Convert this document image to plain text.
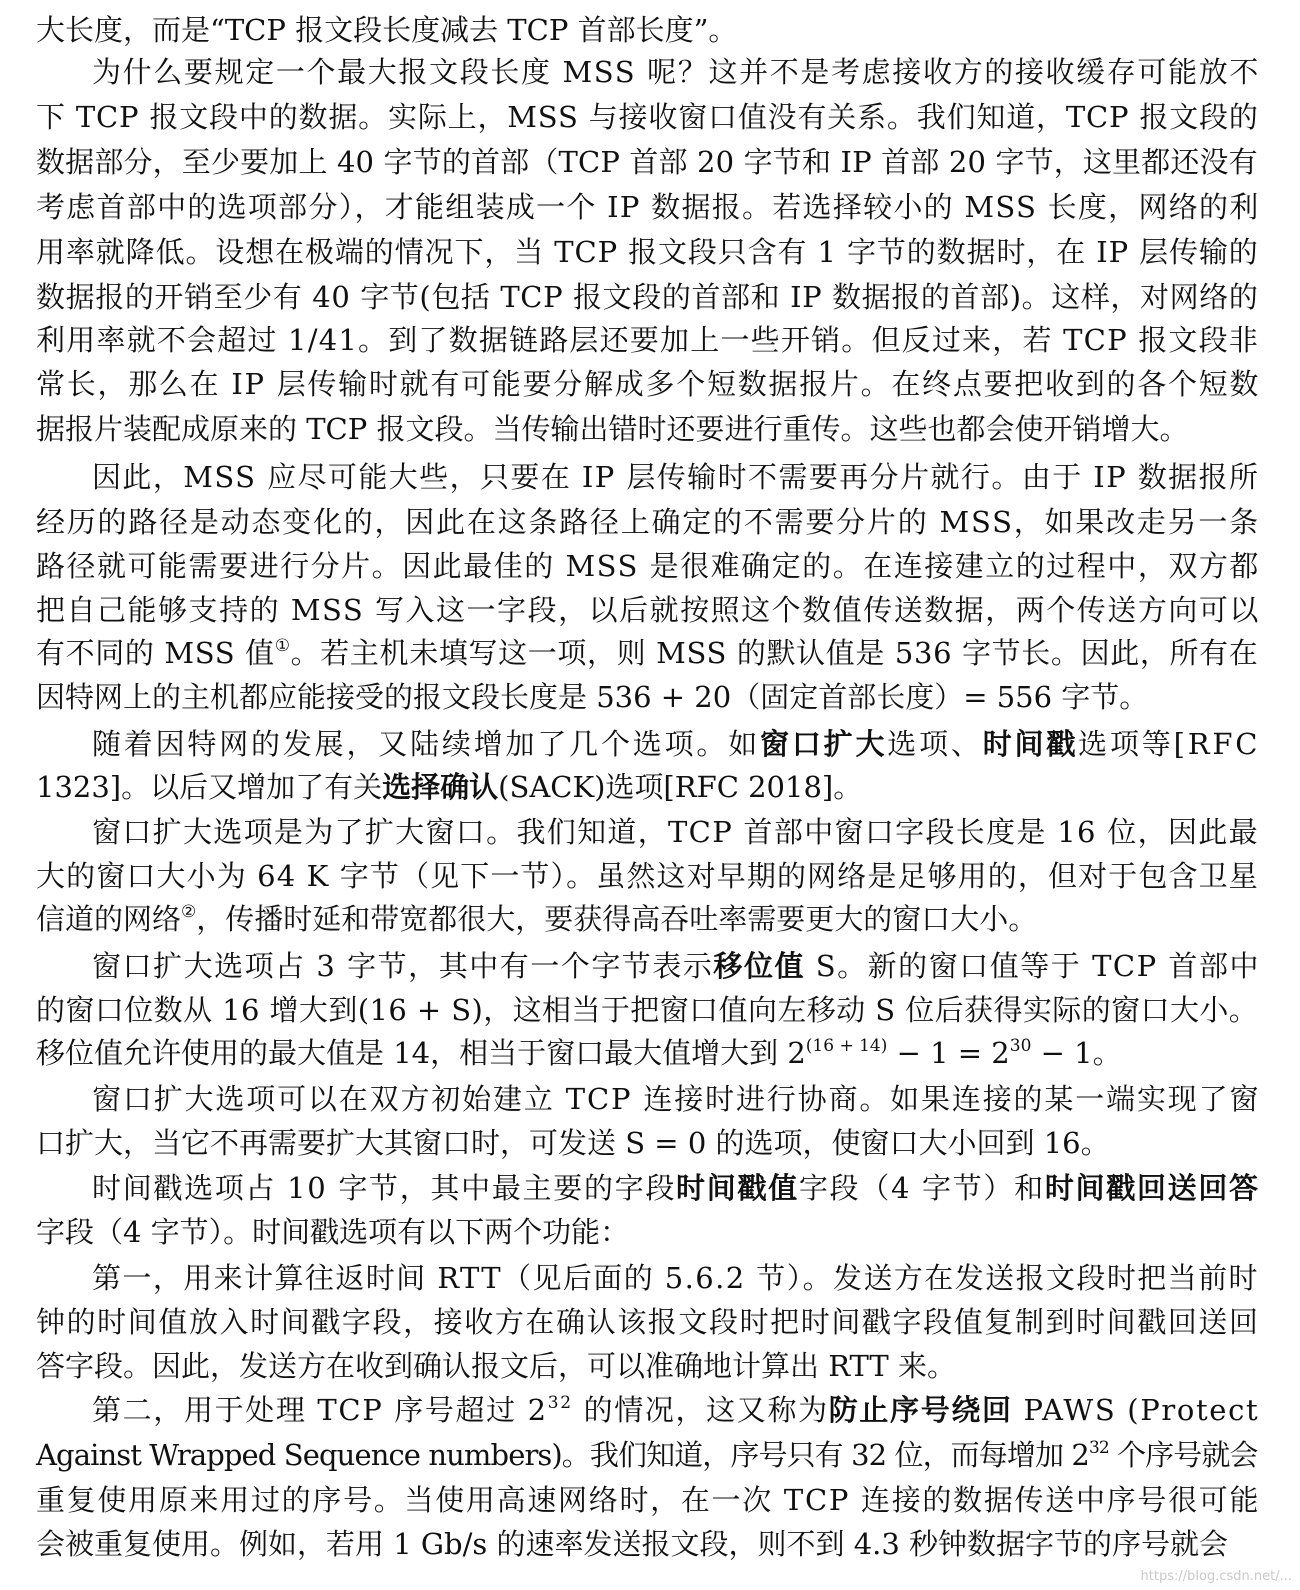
大长度，而是“TCP 报文段长度减去 TCP 首部长度”。
为什么要规定一个最大报文段长度 MSS 呢？这并不是考虑接收方的接收缓存可能放不
下 TCP 报文段中的数据。实际上，MSS 与接收窗口值没有关系。我们知道，TCP 报文段的
数据部分，至少要加上 40 字节的首部（TCP 首部 20 字节和 IP 首部 20 字节，这里都还没有
考虑首部中的选项部分），才能组装成一个 IP 数据报。若选择较小的 MSS 长度，网络的利
用率就降低。设想在极端的情况下，当 TCP 报文段只含有 1 字节的数据时，在 IP 层传输的
数据报的开销至少有 40 字节(包括 TCP 报文段的首部和 IP 数据报的首部)。这样，对网络的
利用率就不会超过 1/41。到了数据链路层还要加上一些开销。但反过来，若 TCP 报文段非
常长，那么在 IP 层传输时就有可能要分解成多个短数据报片。在终点要把收到的各个短数
据报片装配成原来的 TCP 报文段。当传输出错时还要进行重传。这些也都会使开销增大。
因此，MSS 应尽可能大些，只要在 IP 层传输时不需要再分片就行。由于 IP 数据报所
经历的路径是动态变化的，因此在这条路径上确定的不需要分片的 MSS，如果改走另一条
路径就可能需要进行分片。因此最佳的 MSS 是很难确定的。在连接建立的过程中，双方都
把自己能够支持的 MSS 写入这一字段，以后就按照这个数值传送数据，两个传送方向可以
有不同的 MSS 值①。若主机未填写这一项，则 MSS 的默认值是 536 字节长。因此，所有在
因特网上的主机都应能接受的报文段长度是 536 + 20（固定首部长度）= 556 字节。
随着因特网的发展，又陆续增加了几个选项。如窗口扩大选项、时间戳选项等[RFC
1323]。以后又增加了有关选择确认(SACK)选项[RFC 2018]。
窗口扩大选项是为了扩大窗口。我们知道，TCP 首部中窗口字段长度是 16 位，因此最
大的窗口大小为 64 K 字节（见下一节）。虽然这对早期的网络是足够用的，但对于包含卫星
信道的网络②，传播时延和带宽都很大，要获得高吞吐率需要更大的窗口大小。
窗口扩大选项占 3 字节，其中有一个字节表示移位值 S。新的窗口值等于 TCP 首部中
的窗口位数从 16 增大到(16 + S)，这相当于把窗口值向左移动 S 位后获得实际的窗口大小。
移位值允许使用的最大值是 14，相当于窗口最大值增大到 $2^{(16 + 14)} - 1 = 2^{30} - 1$。
窗口扩大选项可以在双方初始建立 TCP 连接时进行协商。如果连接的某一端实现了窗
口扩大，当它不再需要扩大其窗口时，可发送 S = 0 的选项，使窗口大小回到 16。
时间戳选项占 10 字节，其中最主要的字段时间戳值字段（4 字节）和时间戳回送回答
字段（4 字节）。时间戳选项有以下两个功能：
第一，用来计算往返时间 RTT（见后面的 5.6.2 节）。发送方在发送报文段时把当前时
钟的时间值放入时间戳字段，接收方在确认该报文段时把时间戳字段值复制到时间戳回送回
答字段。因此，发送方在收到确认报文后，可以准确地计算出 RTT 来。
第二，用于处理 TCP 序号超过 $2^{32}$ 的情况，这又称为防止序号绕回 PAWS (Protect
Against Wrapped Sequence numbers)。我们知道，序号只有 32 位，而每增加 $2^{32}$ 个序号就会
重复使用原来用过的序号。当使用高速网络时，在一次 TCP 连接的数据传送中序号很可能
会被重复使用。例如，若用 1 Gb/s 的速率发送报文段，则不到 4.3 秒钟数据字节的序号就会
https://blog.csdn.net/...
